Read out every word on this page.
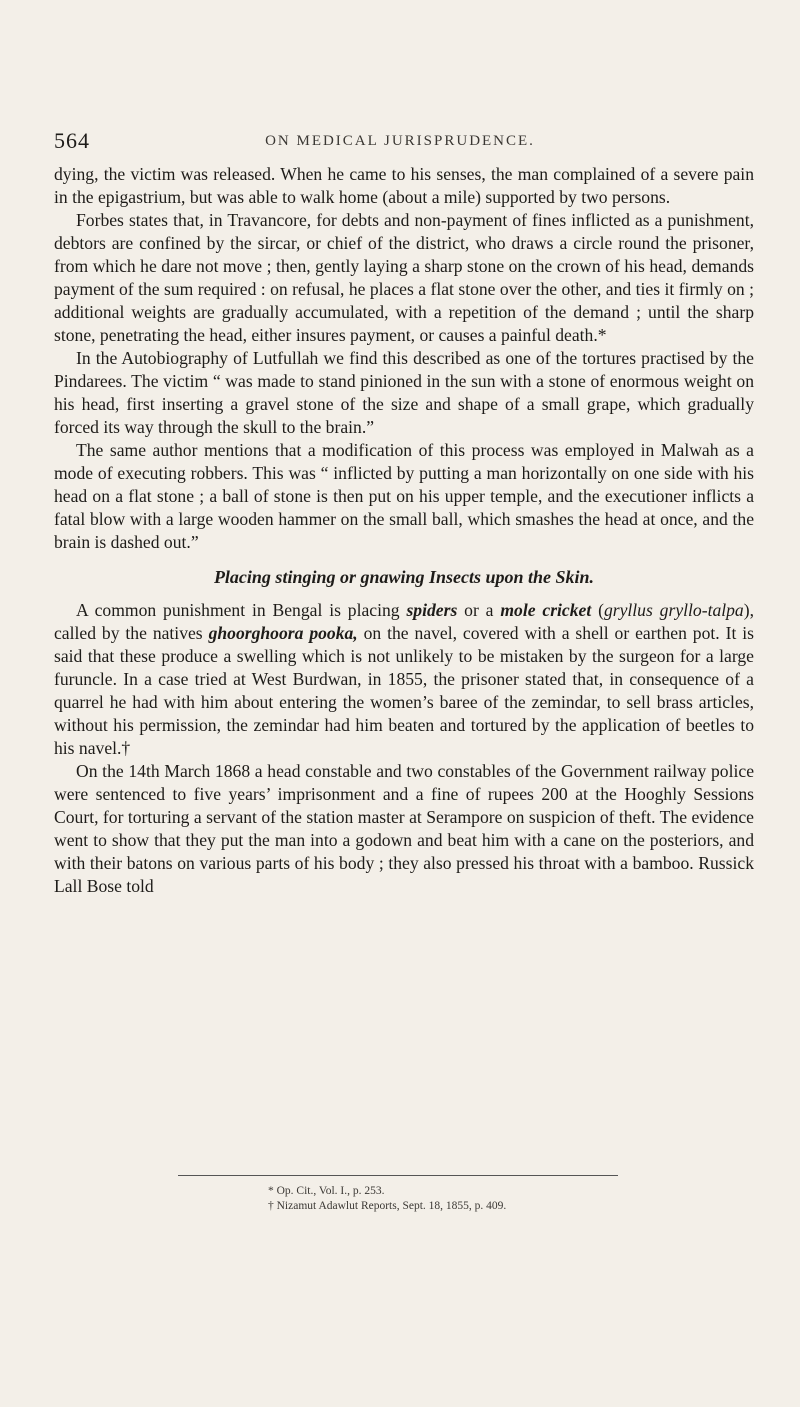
564	ON MEDICAL JURISPRUDENCE.

dying, the victim was released. When he came to his senses, the man complained of a severe pain in the epigastrium, but was able to walk home (about a mile) supported by two persons.

Forbes states that, in Travancore, for debts and non-payment of fines inflicted as a punishment, debtors are confined by the sircar, or chief of the district, who draws a circle round the prisoner, from which he dare not move ; then, gently laying a sharp stone on the crown of his head, demands payment of the sum required : on refusal, he places a flat stone over the other, and ties it firmly on ; additional weights are gradually accumulated, with a repetition of the demand ; until the sharp stone, penetrating the head, either insures payment, or causes a painful death.*

In the Autobiography of Lutfullah we find this described as one of the tortures practised by the Pindarees. The victim “ was made to stand pinioned in the sun with a stone of enormous weight on his head, first inserting a gravel stone of the size and shape of a small grape, which gradually forced its way through the skull to the brain.”

The same author mentions that a modification of this process was employed in Malwah as a mode of executing robbers. This was “ inflicted by putting a man horizontally on one side with his head on a flat stone ; a ball of stone is then put on his upper temple, and the executioner inflicts a fatal blow with a large wooden hammer on the small ball, which smashes the head at once, and the brain is dashed out.”

Placing stinging or gnawing Insects upon the Skin.

A common punishment in Bengal is placing spiders or a mole cricket (gryllus gryllo-talpa), called by the natives ghoorghoora pooka, on the navel, covered with a shell or earthen pot. It is said that these produce a swelling which is not unlikely to be mistaken by the surgeon for a large furuncle. In a case tried at West Burdwan, in 1855, the prisoner stated that, in consequence of a quarrel he had with him about entering the women’s baree of the zemindar, to sell brass articles, without his permission, the zemindar had him beaten and tortured by the application of beetles to his navel.†

On the 14th March 1868 a head constable and two constables of the Government railway police were sentenced to five years’ imprisonment and a fine of rupees 200 at the Hooghly Sessions Court, for torturing a servant of the station master at Serampore on suspicion of theft. The evidence went to show that they put the man into a godown and beat him with a cane on the posteriors, and with their batons on various parts of his body ; they also pressed his throat with a bamboo. Russick Lall Bose told

* Op. Cit., Vol. I., p. 253.
† Nizamut Adawlut Reports, Sept. 18, 1855, p. 409.
